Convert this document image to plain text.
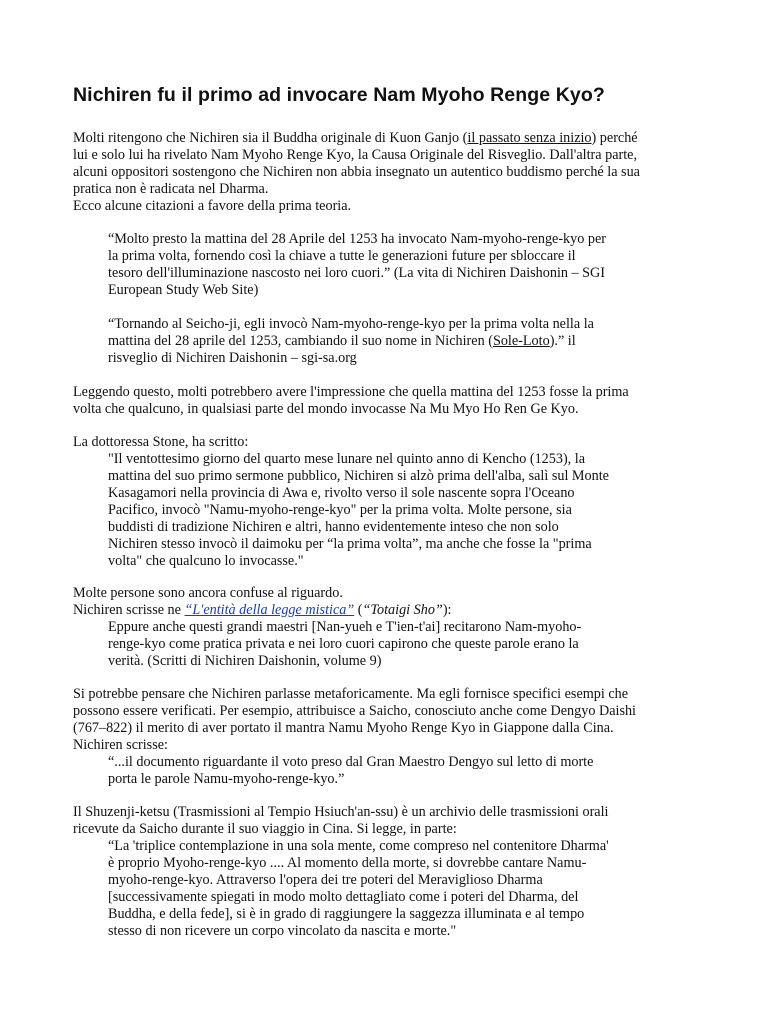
Nichiren fu il primo ad invocare Nam Myoho Renge Kyo?
Molti ritengono che Nichiren sia il Buddha originale di Kuon Ganjo (il passato senza inizio) perché
lui e solo lui ha rivelato Nam Myoho Renge Kyo, la Causa Originale del Risveglio. Dall'altra parte,
alcuni oppositori sostengono che Nichiren non abbia insegnato un autentico buddismo perché la sua
pratica non è radicata nel Dharma.
Ecco alcune citazioni a favore della prima teoria.
“Molto presto la mattina del 28 Aprile del 1253 ha invocato Nam-myoho-renge-kyo per
la prima volta, fornendo così la chiave a tutte le generazioni future per sbloccare il
tesoro dell'illuminazione nascosto nei loro cuori.” (La vita di Nichiren Daishonin – SGI
European Study Web Site)
“Tornando al Seicho-ji, egli invocò Nam-myoho-renge-kyo per la prima volta nella la
mattina del 28 aprile del 1253, cambiando il suo nome in Nichiren (Sole-Loto).” il
risveglio di Nichiren Daishonin – sgi-sa.org
Leggendo questo, molti potrebbero avere l'impressione che quella mattina del 1253 fosse la prima
volta che qualcuno, in qualsiasi parte del mondo invocasse Na Mu Myo Ho Ren Ge Kyo.
La dottoressa Stone, ha scritto:
"Il ventottesimo giorno del quarto mese lunare nel quinto anno di Kencho (1253), la
mattina del suo primo sermone pubblico, Nichiren si alzò prima dell'alba, salì sul Monte
Kasagamori nella provincia di Awa e, rivolto verso il sole nascente sopra l'Oceano
Pacifico, invocò "Namu-myoho-renge-kyo" per la prima volta. Molte persone, sia
buddisti di tradizione Nichiren e altri, hanno evidentemente inteso che non solo
Nichiren stesso invocò il daimoku per “la prima volta”, ma anche che fosse la "prima
volta" che qualcuno lo invocasse."
Molte persone sono ancora confuse al riguardo.
Nichiren scrisse ne “L'entità della legge mistica” (“Totaigi Sho”):
Eppure anche questi grandi maestri [Nan-yueh e T'ien-t'ai] recitarono Nam-myoho-
renge-kyo come pratica privata e nei loro cuori capirono che queste parole erano la
verità. (Scritti di Nichiren Daishonin, volume 9)
Si potrebbe pensare che Nichiren parlasse metaforicamente. Ma egli fornisce specifici esempi che
possono essere verificati. Per esempio, attribuisce a Saicho, conosciuto anche come Dengyo Daishi
(767–822) il merito di aver portato il mantra Namu Myoho Renge Kyo in Giappone dalla Cina.
Nichiren scrisse:
“...il documento riguardante il voto preso dal Gran Maestro Dengyo sul letto di morte
porta le parole Namu-myoho-renge-kyo.”
Il Shuzenji-ketsu (Trasmissioni al Tempio Hsiuch'an-ssu) è un archivio delle trasmissioni orali
ricevute da Saicho durante il suo viaggio in Cina. Si legge, in parte:
“La 'triplice contemplazione in una sola mente, come compreso nel contenitore Dharma'
è proprio Myoho-renge-kyo .... Al momento della morte, si dovrebbe cantare Namu-
myoho-renge-kyo. Attraverso l'opera dei tre poteri del Meraviglioso Dharma
[successivamente spiegati in modo molto dettagliato come i poteri del Dharma, del
Buddha, e della fede], si è in grado di raggiungere la saggezza illuminata e al tempo
stesso di non ricevere un corpo vincolato da nascita e morte."
